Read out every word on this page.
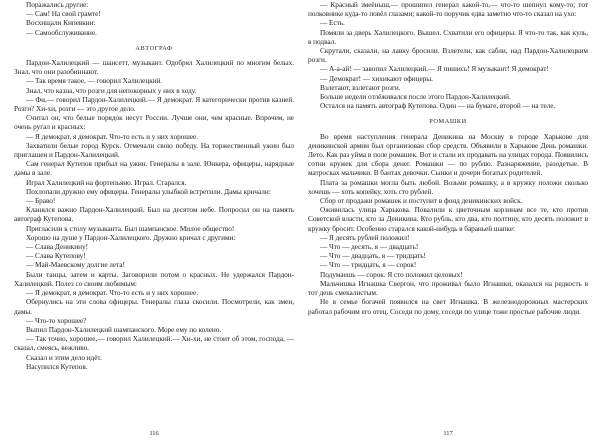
Поражались другие:

— Сам! На свой грамте!

Восхищали Кипевкии:

— Самообслуживание.

АВТОГРАФ

Пардон-Халилецкий — шансетт, музыкант. Одобрял Халилецкий по многим белых. Знал, что они разобиннают.

— Так время такое, — говорил Халилецкий.

Знал, что казна, что розги для непокорных у них в ходу.

— Фи,— говорил Пардон-Халилецкий.— Я демократ. Я категорически против казней. Розги? Хи-хи, розги — это другое дело.

Считал он, что белые порядок несут России. Лучше они, чем красные. Впрочем, не очень ругал и красных:

— Я демократ, я демократ. Что-то есть и у них хорошее.

Захватили белые город Курск. Отмечали свою победу. На торжественный ужин был приглашен и Пардон-Халилецкий.

Сам генерал Кутепов прибыл на ужин. Генералы в зале. Юнкера, офицеры, нарядные дамы в зале.

Играл Халилецкий на фортепьяно. Играл. Старался.

Похлопали дружно ему офицеры. Генералы улыбкой встретили. Дамы кричали:

— Браво!

Кланялся важно Пардон-Халилецкий. Был на десятом небе. Попросил он на память автограф Кутепова.

Пригласили к столу музыканта. Был шампанское. Милое общество!

Хорошо на душе у Пардон-Халилецкого. Дружно кричал с другими:

— Слава Деникину!

— Слава Кутепову!

— Май-Маевскому долгие лета!

Были танцы, затем и карты. Заговорили потом о красных. Не удержался Пардон-Халилецкий. Полез со своим любимым:

— Я демократ, я демократ. Что-то есть и у них хорошее.

Обернулись на эти слова офицеры. Генералы глаза скосили. Посмотрели, как змеи, дамы.

— Что-то хорошее?

Выпил Пардон-Халилецкий шампанского. Море ему по колено.

— Так точно, хорошее,— говорил Халилецкий.— Хи-хи, не стоит об этом, господа, — сказал, смеясь, вежливо.

Сказал и этим дело идёт.

Насупился Кутепов.

116

— Красный змеёныш,— прошипел генерал какой-то,— что-то шепнул кому-то; тот полковнике куда-то повёл глазами; какой-то поручик едва заметно что-то сказал на ухо:

— Есть.

Помяли за дверь Халилецкого. Вышел. Схватили его офицеры. Я что-то так, как куль, в подвал.

Скрутали, сказали, на лавку бросили. Взлетели, как сабли, над Пардон-Халилецким розги.

— А-а-ай! — завопил Халилецкий.— Я пишись! Я музыкант! Я демократ!

— Демократ! — хихикают офицеры.

Взлетают, взлетают розги.

Больше недели отлёживался после этого Пардон-Халилецкий.

Остался на память автограф Кутепова. Один — на бумаге, второй — на теле.

РОМАШКИ

Во время наступления генерала Деникина на Москву в городе Харькове для деникинской армии был организован сбор средств. Объявили в Харькове День ромашки. Лето. Как раз уйма в поле ромашек. Вот и стали их продавать на улицах города. Появились сотни кружек для сбора денег. Ромашки — по рублю. Разнаряжение, разодетые. В матросках мальчики. В бантах девочки. Сынки и дочери богатых родителей.

Плата за ромашки могла быть любой. Возьми ромашку, а в кружку положи сколько хочешь — хоть копейку, хоть сто рублей.

Сбор от продажи ромашек и поступит в фонд деникинских войск.

Оживилась улица Харькова. Повалили к цветочным корзинам все те, кто против Советской власти, кто за Деникина. Кто рубль, кто два, кто полтину, кто десять положит в кружку бросит. Особенно старался какой-нибудь в бараньей шапке:

— Я десять рублей положил!

— Что — десять, я — двадцать!

— Что — двадцать, я — тридцать!

— Что — тридцать, я — сорок!

Подумаешь — сорок. Я сто положил целовых!

Мальчишка Игнашка Свергон, что проживал было Игнашки, оказался на редкость в тот день смекалистым.

Не в семье богачей появился на свет Игнашка. В железнодорожных мастерских работал рабочим его отец. Соседи по дому, соседи по улице тоже простые рабочие люди.

117
